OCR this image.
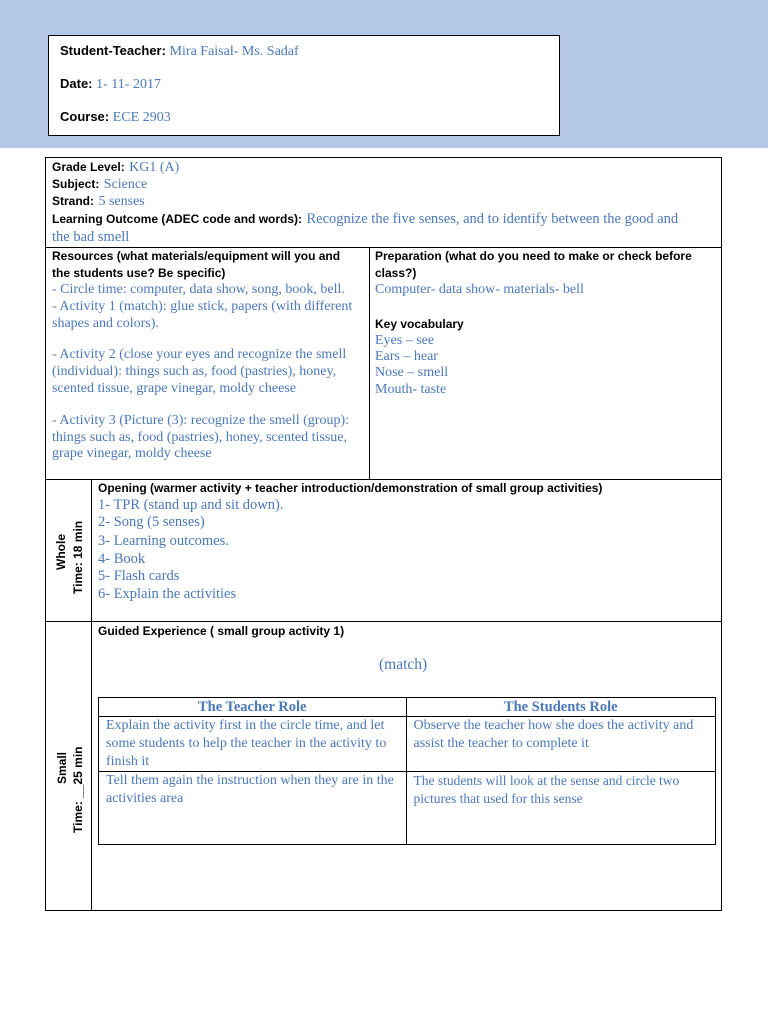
Student-Teacher: Mira Faisal- Ms. Sadaf
Date: 1- 11- 2017
Course: ECE 2903
Grade Level: KG1 (A)
Subject: Science
Strand: 5 senses
Learning Outcome (ADEC code and words): Recognize the five senses, and to identify between the good and
the bad smell
Resources (what materials/equipment will you and
the students use? Be specific)
- Circle time: computer, data show, song, book, bell.
- Activity 1 (match): glue stick, papers (with different
shapes and colors).
- Activity 2 (close your eyes and recognize the smell
(individual): things such as, food (pastries), honey,
scented tissue, grape vinegar, moldy cheese
- Activity 3 (Picture (3): recognize the smell (group):
things such as, food (pastries), honey, scented tissue,
grape vinegar, moldy cheese
Preparation (what do you need to make or check before
class?)
Computer- data show- materials- bell
Key vocabulary
Eyes – see
Ears – hear
Nose – smell
Mouth- taste
Whole Time: 18 min
Opening (warmer activity + teacher introduction/demonstration of small group activities)
1- TPR (stand up and sit down).
2- Song (5 senses)
3- Learning outcomes.
4- Book
5- Flash cards
6- Explain the activities
Small Time: __25 min
Guided Experience ( small group activity 1)
(match)
The Teacher Role	The Students Role
Explain the activity first in the circle time, and let some students to help the teacher in the activity to finish it	Observe the teacher how she does the activity and assist the teacher to complete it
Tell them again the instruction when they are in the activities area	The students will look at the sense and circle two pictures that used for this sense
